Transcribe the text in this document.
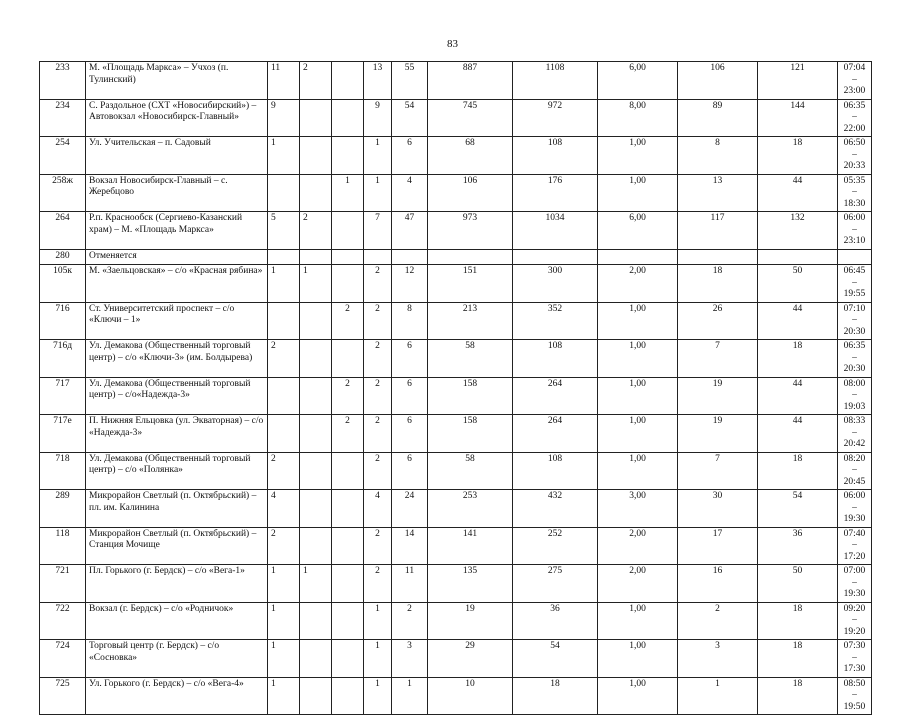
83
233	М. «Площадь Маркса» – Учхоз (п. Тулинский)	11	2		13	55	887	1108	6,00	106	121	07:04 – 23:00
234	С. Раздольное (СХТ «Новосибирский») – Автовокзал «Новосибирск-Главный»	9			9	54	745	972	8,00	89	144	06:35 – 22:00
254	Ул. Учительская – п. Садовый	1			1	6	68	108	1,00	8	18	06:50 – 20:33
258ж	Вокзал Новосибирск-Главный – с. Жеребцово			1	1	4	106	176	1,00	13	44	05:35 – 18:30
264	Р.п. Краснообск (Сергиево-Казанский храм) – М. «Площадь Маркса»	5	2		7	47	973	1034	6,00	117	132	06:00 – 23:10
280	Отменяется											
105к	М. «Заельцовская» – с/о «Красная рябина»	1	1		2	12	151	300	2,00	18	50	06:45 – 19:55
716	Ст. Университетский проспект – с/о «Ключи – 1»			2	2	8	213	352	1,00	26	44	07:10 – 20:30
716д	Ул. Демакова (Общественный торговый центр) – с/о «Ключи-3» (им. Болдырева)	2			2	6	58	108	1,00	7	18	06:35 – 20:30
717	Ул. Демакова (Общественный торговый центр) – с/о«Надежда-3»			2	2	6	158	264	1,00	19	44	08:00 – 19:03
717е	П. Нижняя Ельцовка (ул. Экваторная) – с/о «Надежда-3»			2	2	6	158	264	1,00	19	44	08:33 – 20:42
718	Ул. Демакова (Общественный торговый центр) – с/о «Полянка»	2			2	6	58	108	1,00	7	18	08:20 – 20:45
289	Микрорайон Светлый (п. Октябрьский) – пл. им. Калинина	4			4	24	253	432	3,00	30	54	06:00 – 19:30
118	Микрорайон Светлый (п. Октябрьский) – Станция Мочище	2			2	14	141	252	2,00	17	36	07:40 – 17:20
721	Пл. Горького (г. Бердск) – с/о «Вега-1»	1	1		2	11	135	275	2,00	16	50	07:00 – 19:30
722	Вокзал (г. Бердск) – с/о «Родничок»	1			1	2	19	36	1,00	2	18	09:20 – 19:20
724	Торговый центр (г. Бердск) – с/о «Сосновка»	1			1	3	29	54	1,00	3	18	07:30 – 17:30
725	Ул. Горького (г. Бердск) – с/о «Вега-4»	1			1	1	10	18	1,00	1	18	08:50 – 19:50
